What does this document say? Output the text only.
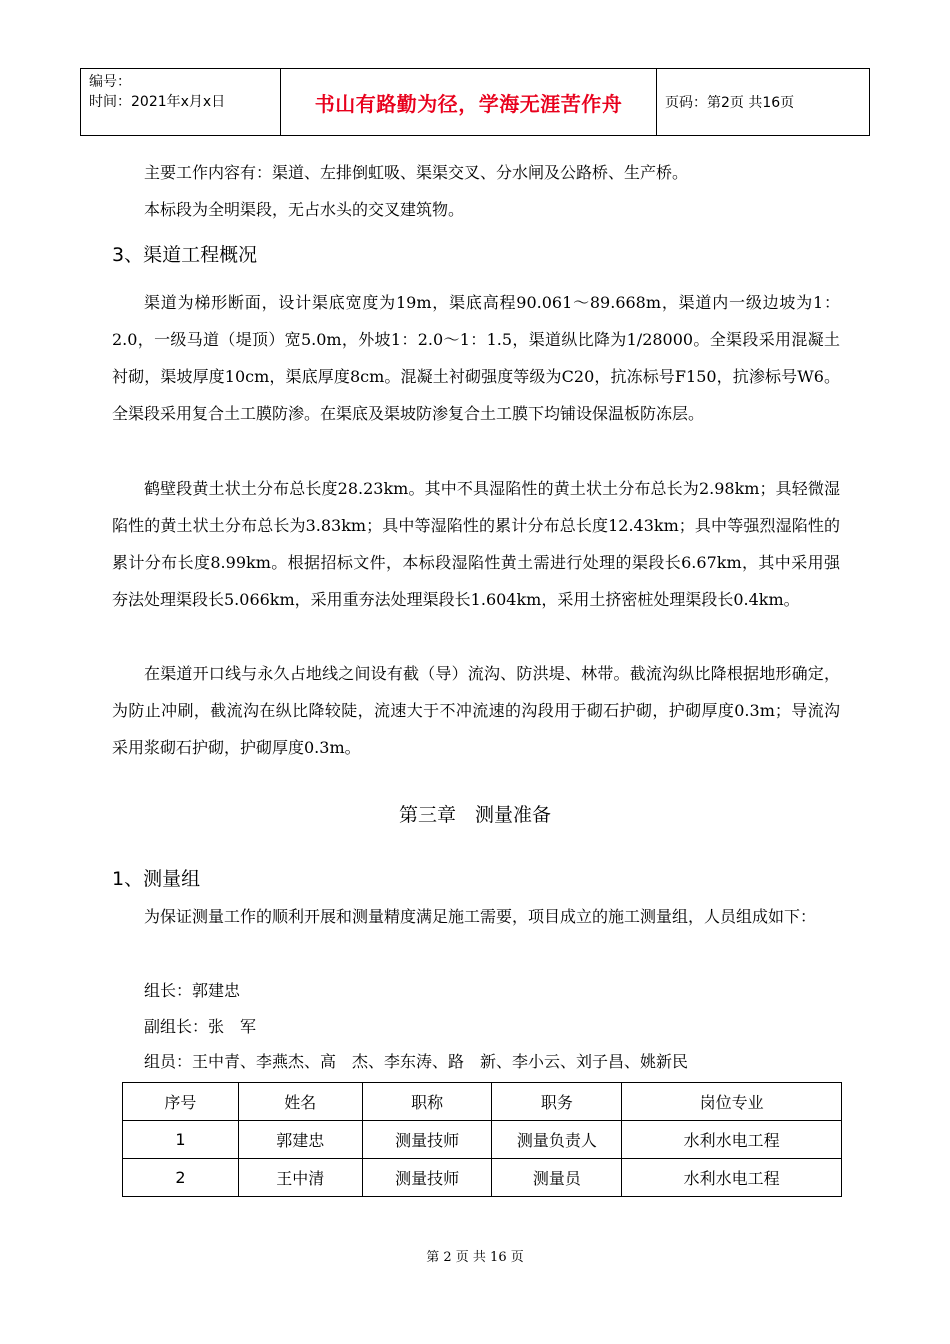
编号：
时间：2021年x月x日	书山有路勤为径，学海无涯苦作舟	页码：第2页 共16页

主要工作内容有：渠道、左排倒虹吸、渠渠交叉、分水闸及公路桥、生产桥。

本标段为全明渠段，无占水头的交叉建筑物。

3、渠道工程概况

渠道为梯形断面，设计渠底宽度为19m，渠底高程90.061～89.668m，渠道内一级边坡为1：2.0，一级马道（堤顶）宽5.0m，外坡1：2.0～1：1.5，渠道纵比降为1/28000。全渠段采用混凝土衬砌，渠坡厚度10cm，渠底厚度8cm。混凝土衬砌强度等级为C20，抗冻标号F150，抗渗标号W6。全渠段采用复合土工膜防渗。在渠底及渠坡防渗复合土工膜下均铺设保温板防冻层。

鹤壁段黄土状土分布总长度28.23km。其中不具湿陷性的黄土状土分布总长为2.98km；具轻微湿陷性的黄土状土分布总长为3.83km；具中等湿陷性的累计分布总长度12.43km；具中等强烈湿陷性的累计分布长度8.99km。根据招标文件，本标段湿陷性黄土需进行处理的渠段长6.67km，其中采用强夯法处理渠段长5.066km，采用重夯法处理渠段长1.604km，采用土挤密桩处理渠段长0.4km。

在渠道开口线与永久占地线之间设有截（导）流沟、防洪堤、林带。截流沟纵比降根据地形确定，为防止冲刷，截流沟在纵比降较陡，流速大于不冲流速的沟段用于砌石护砌，护砌厚度0.3m；导流沟采用浆砌石护砌，护砌厚度0.3m。

第三章　测量准备
1、测量组

为保证测量工作的顺利开展和测量精度满足施工需要，项目成立的施工测量组，人员组成如下：

组长：郭建忠
副组长：张　军
组员：王中青、李燕杰、高　杰、李东涛、路　新、李小云、刘子昌、姚新民
序号	姓名	职称	职务	岗位专业
1	郭建忠	测量技师	测量负责人	水利水电工程
2	王中清	测量技师	测量员	水利水电工程
第 2 页 共 16 页
